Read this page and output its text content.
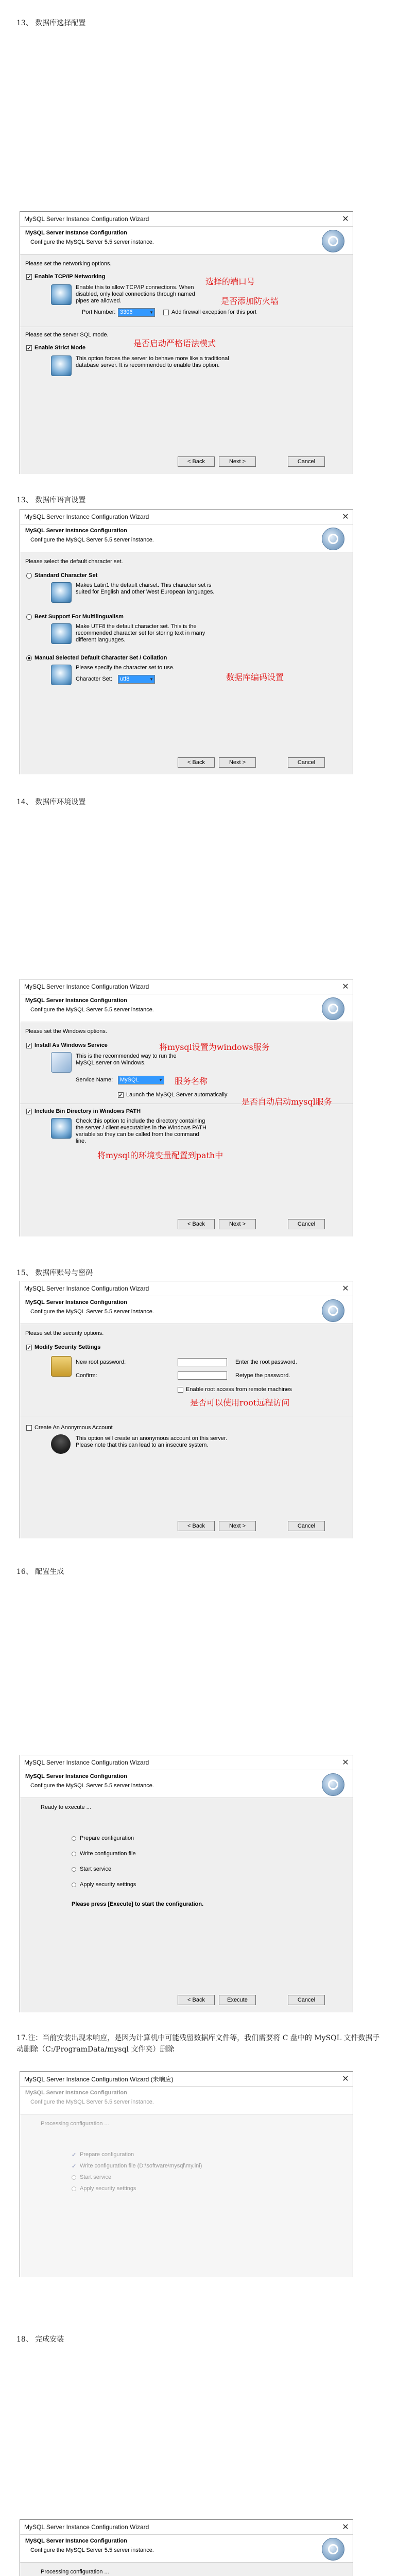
13、 数据库选择配置
MySQL Server Instance Configuration Wizard	✕
MySQL Server Instance Configuration
Configure the MySQL Server 5.5 server instance.
Please set the networking options.
✓
Enable TCP/IP Networking
Enable this to allow TCP/IP connections. When disabled, only local connections through named pipes are allowed.
Port Number: 3306 ▼	Add firewall exception for this port
Please set the server SQL mode.
✓
Enable Strict Mode
This option forces the server to behave more like a traditional database server. It is recommended to enable this option.
选择的端口号
是否添加防火墙
是否启动严格语法模式
< Back	Next >	Cancel
13、 数据库语言设置
MySQL Server Instance Configuration Wizard	✕
MySQL Server Instance Configuration
Configure the MySQL Server 5.5 server instance.
Please select the default character set.
Standard Character Set
Makes Latin1 the default charset. This character set is suited for English and other West European languages.
Best Support For Multilingualism
Make UTF8 the default character set. This is the recommended character set for storing text in many different languages.
Manual Selected Default Character Set / Collation
Please specify the character set to use.
Character Set:	utf8 ▼	数据库编码设置
< Back	Next >	Cancel
14、 数据库环境设置
MySQL Server Instance Configuration Wizard	✕
MySQL Server Instance Configuration
Configure the MySQL Server 5.5 server instance.
Please set the Windows options.
✓
Install As Windows Service
This is the recommended way to run the MySQL server on Windows.
Service Name:	MySQL ▼
✓
Launch the MySQL Server automatically
✓
Include Bin Directory in Windows PATH
Check this option to include the directory containing the server / client executables in the Windows PATH variable so they can be called from the command line.
将mysql设置为windows服务
服务名称
是否自动启动mysql服务
将mysql的环境变量配置到path中
< Back	Next >	Cancel
15、 数据库账号与密码
MySQL Server Instance Configuration Wizard	✕
MySQL Server Instance Configuration
Configure the MySQL Server 5.5 server instance.
Please set the security options.
✓
Modify Security Settings
New root password:	Enter the root password.
Confirm:	Retype the password.
Enable root access from remote machines
是否可以使用root远程访问
Create An Anonymous Account
This option will create an anonymous account on this server. Please note that this can lead to an insecure system.
< Back	Next >	Cancel
16、 配置生成
MySQL Server Instance Configuration Wizard	✕
MySQL Server Instance Configuration
Configure the MySQL Server 5.5 server instance.
Ready to execute ...
Prepare configuration
Write configuration file
Start service
Apply security settings
Please press [Execute] to start the configuration.
< Back	Execute	Cancel
17.注：当前安装出现未响应，是因为计算机中可能残留数据库文件等，我们需要将 C 盘中的 MySQL 文件数据手动删除（C:/ProgramData/mysql 文件夹）删除
MySQL Server Instance Configuration Wizard (未响应)	✕
MySQL Server Instance Configuration
Configure the MySQL Server 5.5 server instance.
Processing configuration ...
✓ Prepare configuration
✓ Write configuration file (D:\software\mysql\my.ini)
Start service
Apply security settings
18、 完成安装
MySQL Server Instance Configuration Wizard	✕
MySQL Server Instance Configuration
Configure the MySQL Server 5.5 server instance.
Processing configuration ...
